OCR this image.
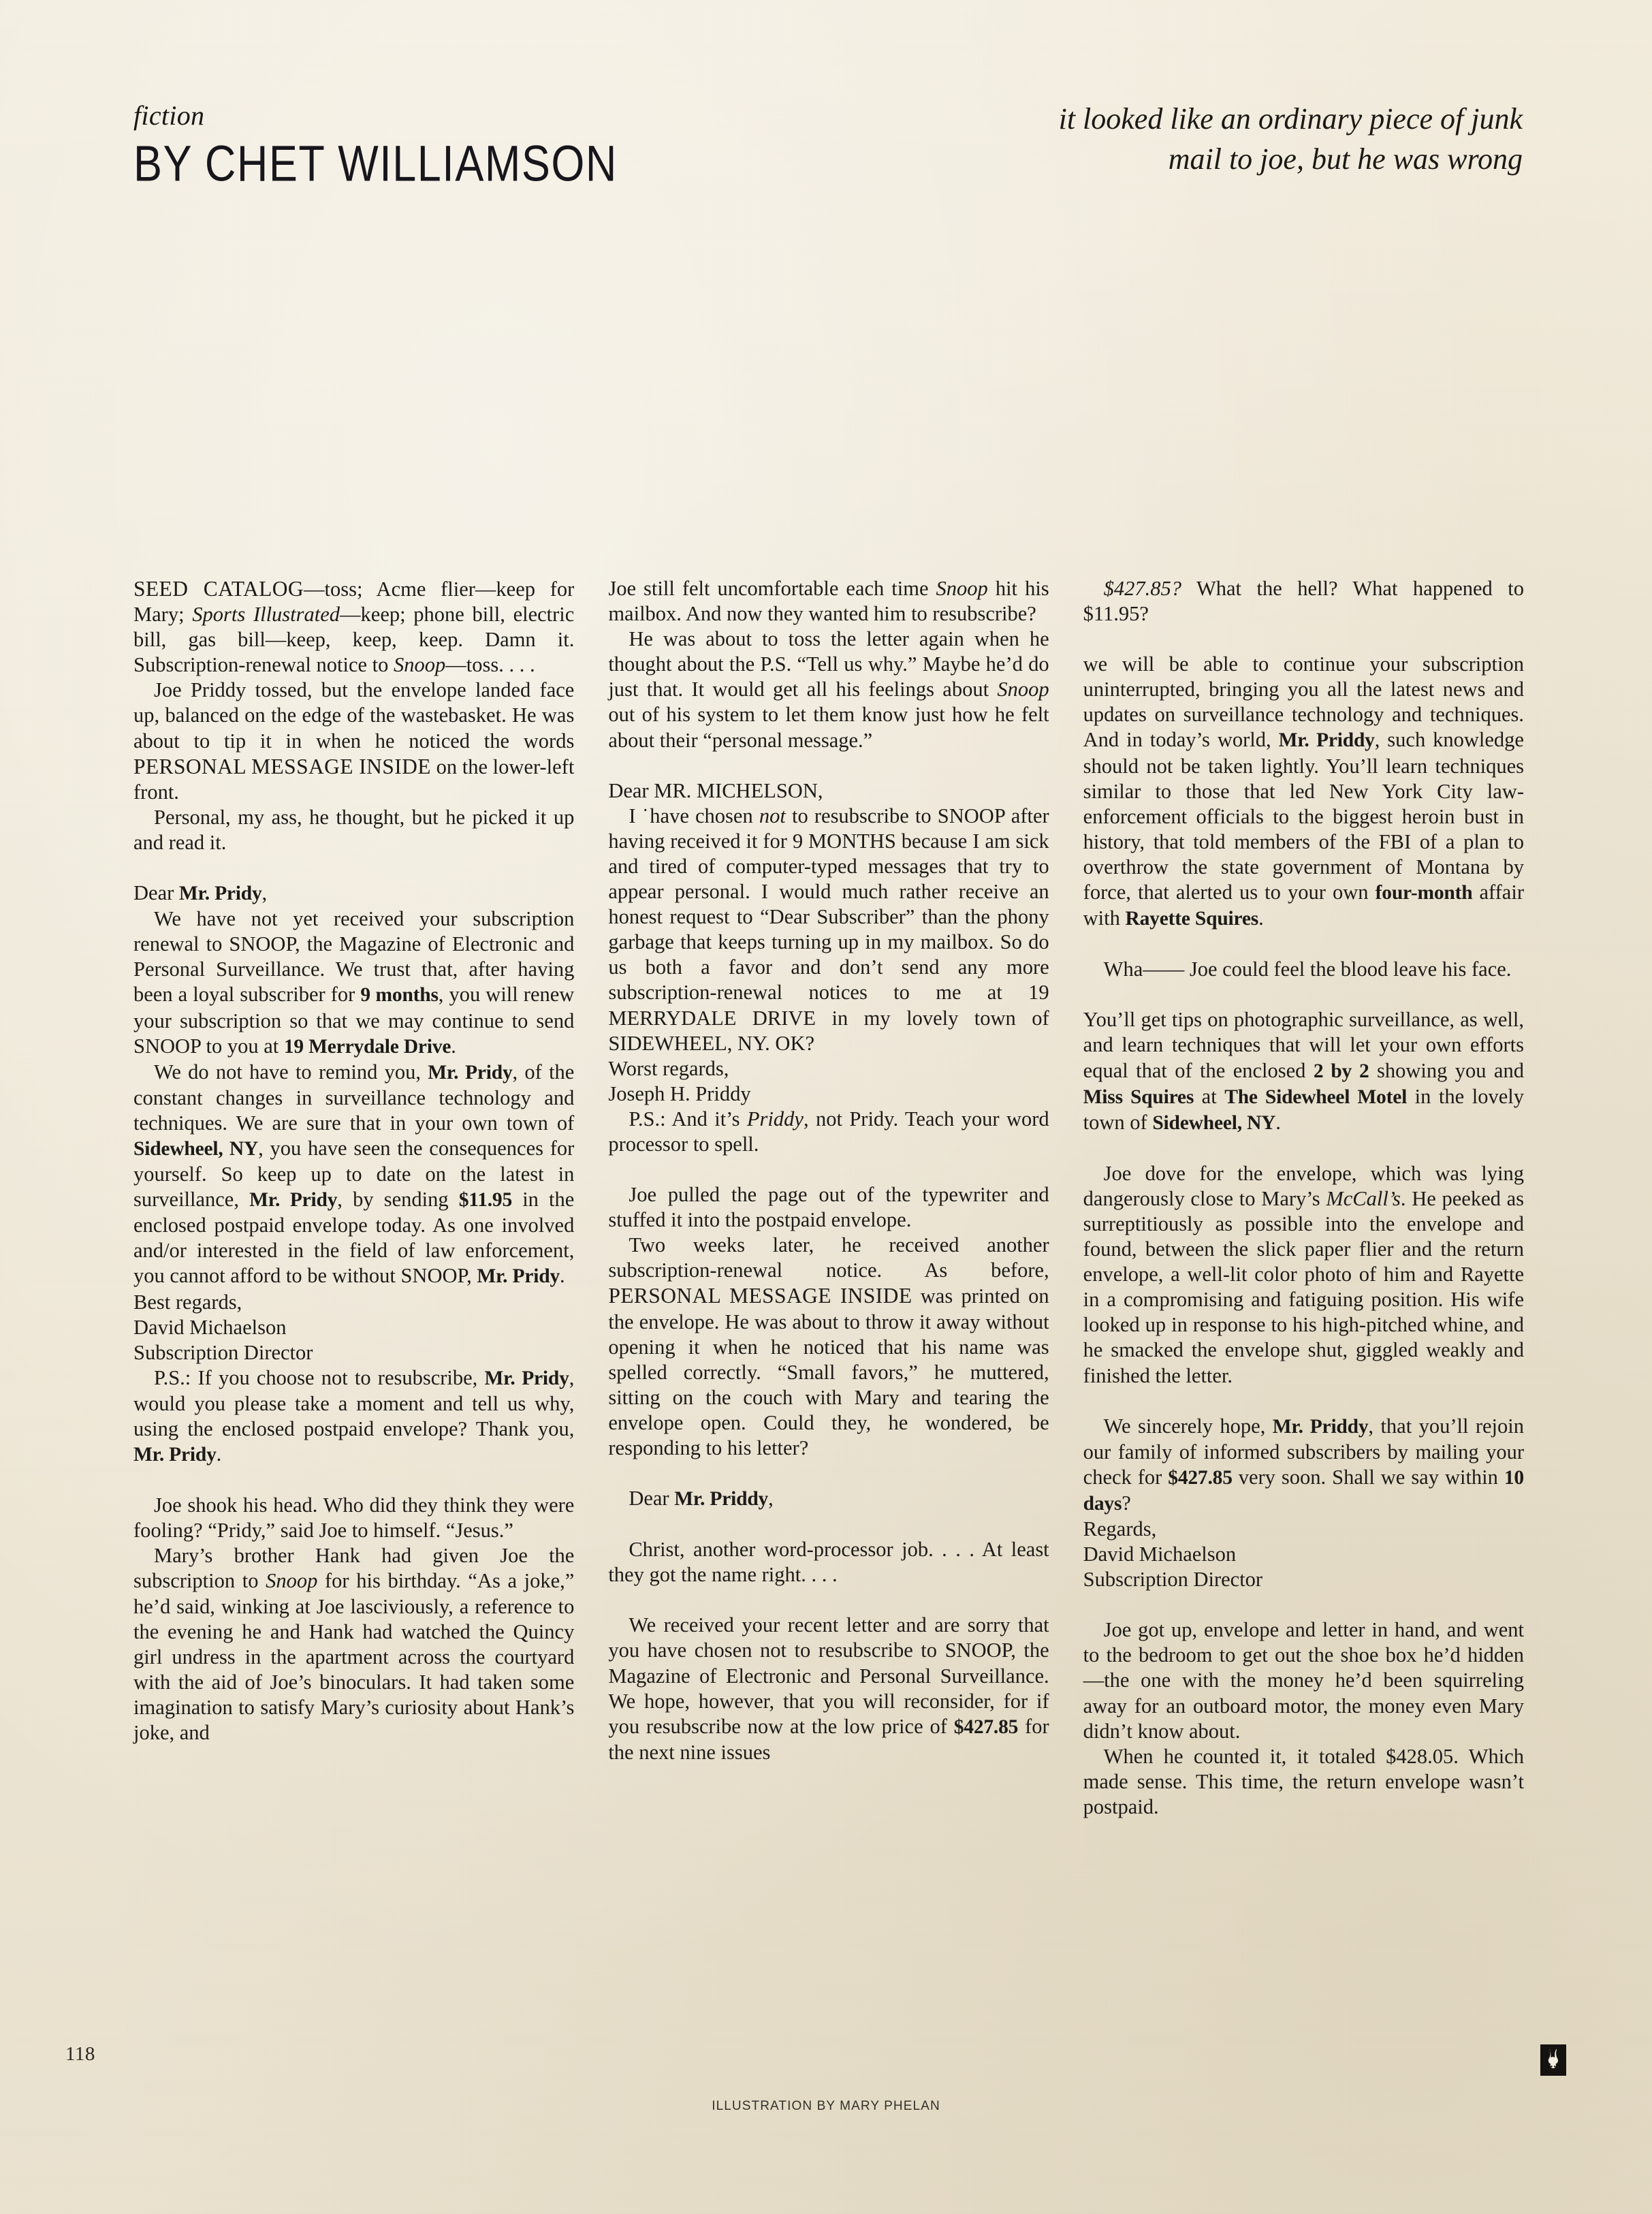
fiction
BY CHET WILLIAMSON
it looked like an ordinary piece of junk mail to joe, but he was wrong

SEED CATALOG—toss; Acme flier—keep for Mary; Sports Illustrated—keep; phone bill, electric bill, gas bill—keep, keep, keep. Damn it. Subscription-renewal notice to Snoop—toss. . . .

Joe Priddy tossed, but the envelope landed face up, balanced on the edge of the wastebasket. He was about to tip it in when he noticed the words PERSONAL MESSAGE INSIDE on the lower-left front.

Personal, my ass, he thought, but he picked it up and read it.

Dear Mr. Pridy,

We have not yet received your subscription renewal to SNOOP, the Magazine of Electronic and Personal Surveillance. We trust that, after having been a loyal subscriber for 9 months, you will renew your subscription so that we may continue to send SNOOP to you at 19 Merrydale Drive.

We do not have to remind you, Mr. Pridy, of the constant changes in surveillance technology and techniques. We are sure that in your own town of Sidewheel, NY, you have seen the consequences for yourself. So keep up to date on the latest in surveillance, Mr. Pridy, by sending $11.95 in the enclosed postpaid envelope today. As one involved and/or interested in the field of law enforcement, you cannot afford to be without SNOOP, Mr. Pridy.

Best regards,

David Michaelson

Subscription Director

P.S.: If you choose not to resubscribe, Mr. Pridy, would you please take a moment and tell us why, using the enclosed postpaid envelope? Thank you, Mr. Pridy.

Joe shook his head. Who did they think they were fooling? “Pridy,” said Joe to himself. “Jesus.”

Mary’s brother Hank had given Joe the subscription to Snoop for his birthday. “As a joke,” he’d said, winking at Joe lasciviously, a reference to the evening he and Hank had watched the Quincy girl undress in the apartment across the courtyard with the aid of Joe’s binoculars. It had taken some imagination to satisfy Mary’s curiosity about Hank’s joke, and

Joe still felt uncomfortable each time Snoop hit his mailbox. And now they wanted him to resubscribe?

He was about to toss the letter again when he thought about the P.S. “Tell us why.” Maybe he’d do just that. It would get all his feelings about Snoop out of his system to let them know just how he felt about their “personal message.”

Dear MR. MICHELSON,

I ˙have chosen not to resubscribe to SNOOP after having received it for 9 MONTHS because I am sick and tired of computer-typed messages that try to appear personal. I would much rather receive an honest request to “Dear Subscriber” than the phony garbage that keeps turning up in my mailbox. So do us both a favor and don’t send any more subscription-renewal notices to me at 19 MERRYDALE DRIVE in my lovely town of SIDEWHEEL, NY. OK?

Worst regards,

Joseph H. Priddy

P.S.: And it’s Priddy, not Pridy. Teach your word processor to spell.

Joe pulled the page out of the typewriter and stuffed it into the postpaid envelope.

Two weeks later, he received another subscription-renewal notice. As before, PERSONAL MESSAGE INSIDE was printed on the envelope. He was about to throw it away without opening it when he noticed that his name was spelled correctly. “Small favors,” he muttered, sitting on the couch with Mary and tearing the envelope open. Could they, he wondered, be responding to his letter?

Dear Mr. Priddy,

Christ, another word-processor job. . . . At least they got the name right. . . .

We received your recent letter and are sorry that you have chosen not to resubscribe to SNOOP, the Magazine of Electronic and Personal Surveillance. We hope, however, that you will reconsider, for if you resubscribe now at the low price of $427.85 for the next nine issues

$427.85? What the hell? What happened to $11.95?

we will be able to continue your subscription uninterrupted, bringing you all the latest news and updates on surveillance technology and techniques. And in today’s world, Mr. Priddy, such knowledge should not be taken lightly. You’ll learn techniques similar to those that led New York City law-enforcement officials to the biggest heroin bust in history, that told members of the FBI of a plan to overthrow the state government of Montana by force, that alerted us to your own four-month affair with Rayette Squires.

Wha—— Joe could feel the blood leave his face.

You’ll get tips on photographic surveillance, as well, and learn techniques that will let your own efforts equal that of the enclosed 2 by 2 showing you and Miss Squires at The Sidewheel Motel in the lovely town of Sidewheel, NY.

Joe dove for the envelope, which was lying dangerously close to Mary’s McCall’s. He peeked as surreptitiously as possible into the envelope and found, between the slick paper flier and the return envelope, a well-lit color photo of him and Rayette in a compromising and fatiguing position. His wife looked up in response to his high-pitched whine, and he smacked the envelope shut, giggled weakly and finished the letter.

We sincerely hope, Mr. Priddy, that you’ll rejoin our family of informed subscribers by mailing your check for $427.85 very soon. Shall we say within 10 days?

Regards,

David Michaelson

Subscription Director

Joe got up, envelope and letter in hand, and went to the bedroom to get out the shoe box he’d hidden—the one with the money he’d been squirreling away for an outboard motor, the money even Mary didn’t know about.

When he counted it, it totaled $428.05. Which made sense. This time, the return envelope wasn’t postpaid.

118
ILLUSTRATION BY MARY PHELAN
